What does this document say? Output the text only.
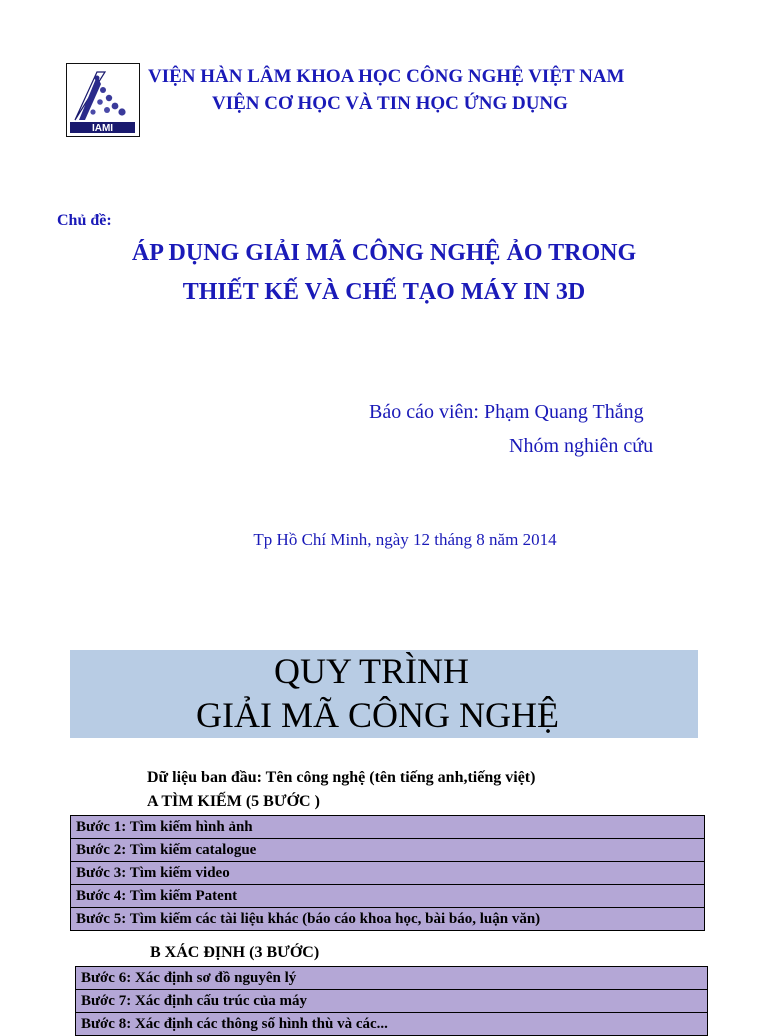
IAMI
VIỆN HÀN LÂM KHOA HỌC CÔNG NGHỆ VIỆT NAM
VIỆN CƠ HỌC VÀ TIN HỌC ỨNG DỤNG
Chủ đề:
ÁP DỤNG GIẢI MÃ CÔNG NGHỆ ẢO TRONG
THIẾT KẾ VÀ CHẾ TẠO MÁY IN 3D
Báo cáo viên: Phạm Quang Thắng
Nhóm nghiên cứu
Tp Hồ Chí Minh, ngày 12 tháng 8 năm 2014
QUY TRÌNH
GIẢI MÃ CÔNG NGHỆ
Dữ liệu ban đầu: Tên công nghệ (tên tiếng anh,tiếng việt)
A TÌM KIẾM (5 BƯỚC )
Bước 1: Tìm kiếm hình ảnh
Bước 2: Tìm kiếm catalogue
Bước 3: Tìm kiếm video
Bước 4: Tìm kiếm Patent
Bước 5: Tìm kiếm các tài liệu khác (báo cáo khoa học, bài báo, luận văn)
B XÁC ĐỊNH (3 BƯỚC)
Bước 6: Xác định sơ đồ nguyên lý
Bước 7: Xác định cấu trúc của máy
Bước 8: Xác định các thông số hình thù và các...
